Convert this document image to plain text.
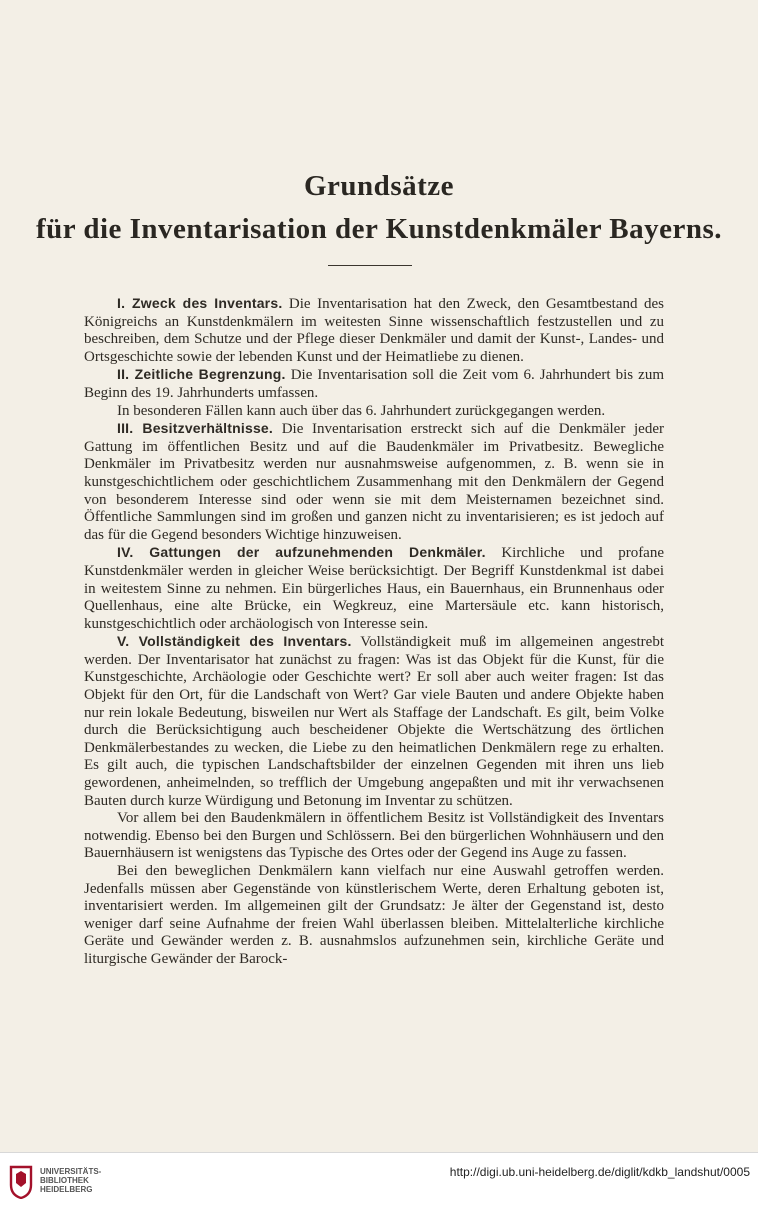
Grundsätze
für die Inventarisation der Kunstdenkmäler Bayerns.

I. Zweck des Inventars. Die Inventarisation hat den Zweck, den Gesamtbestand des Königreichs an Kunstdenkmälern im weitesten Sinne wissenschaftlich festzustellen und zu beschreiben, dem Schutze und der Pflege dieser Denkmäler und damit der Kunst-, Landes- und Ortsgeschichte sowie der lebenden Kunst und der Heimatliebe zu dienen.

II. Zeitliche Begrenzung. Die Inventarisation soll die Zeit vom 6. Jahrhundert bis zum Beginn des 19. Jahrhunderts umfassen.

In besonderen Fällen kann auch über das 6. Jahrhundert zurückgegangen werden.

III. Besitzverhältnisse. Die Inventarisation erstreckt sich auf die Denkmäler jeder Gattung im öffentlichen Besitz und auf die Baudenkmäler im Privatbesitz. Bewegliche Denkmäler im Privatbesitz werden nur ausnahmsweise aufgenommen, z. B. wenn sie in kunstgeschichtlichem oder geschichtlichem Zusammenhang mit den Denkmälern der Gegend von besonderem Interesse sind oder wenn sie mit dem Meisternamen bezeichnet sind. Öffentliche Sammlungen sind im großen und ganzen nicht zu inventarisieren; es ist jedoch auf das für die Gegend besonders Wichtige hinzuweisen.

IV. Gattungen der aufzunehmenden Denkmäler. Kirchliche und profane Kunstdenkmäler werden in gleicher Weise berücksichtigt. Der Begriff Kunstdenkmal ist dabei in weitestem Sinne zu nehmen. Ein bürgerliches Haus, ein Bauernhaus, ein Brunnenhaus oder Quellenhaus, eine alte Brücke, ein Wegkreuz, eine Martersäule etc. kann historisch, kunstgeschichtlich oder archäologisch von Interesse sein.

V. Vollständigkeit des Inventars. Vollständigkeit muß im allgemeinen angestrebt werden. Der Inventarisator hat zunächst zu fragen: Was ist das Objekt für die Kunst, für die Kunstgeschichte, Archäologie oder Geschichte wert? Er soll aber auch weiter fragen: Ist das Objekt für den Ort, für die Landschaft von Wert? Gar viele Bauten und andere Objekte haben nur rein lokale Bedeutung, bisweilen nur Wert als Staffage der Landschaft. Es gilt, beim Volke durch die Berücksichtigung auch bescheidener Objekte die Wertschätzung des örtlichen Denkmälerbestandes zu wecken, die Liebe zu den heimatlichen Denkmälern rege zu erhalten. Es gilt auch, die typischen Landschaftsbilder der einzelnen Gegenden mit ihren uns lieb gewordenen, anheimelnden, so trefflich der Umgebung angepaßten und mit ihr verwachsenen Bauten durch kurze Würdigung und Betonung im Inventar zu schützen.

Vor allem bei den Baudenkmälern in öffentlichem Besitz ist Vollständigkeit des Inventars notwendig. Ebenso bei den Burgen und Schlössern. Bei den bürgerlichen Wohnhäusern und den Bauernhäusern ist wenigstens das Typische des Ortes oder der Gegend ins Auge zu fassen.

Bei den beweglichen Denkmälern kann vielfach nur eine Auswahl getroffen werden. Jedenfalls müssen aber Gegenstände von künstlerischem Werte, deren Erhaltung geboten ist, inventarisiert werden. Im allgemeinen gilt der Grundsatz: Je älter der Gegenstand ist, desto weniger darf seine Aufnahme der freien Wahl überlassen bleiben. Mittelalterliche kirchliche Geräte und Gewänder werden z. B. ausnahmslos aufzunehmen sein, kirchliche Geräte und liturgische Gewänder der Barock-

UNIVERSITÄTS-
BIBLIOTHEK
HEIDELBERG
http://digi.ub.uni-heidelberg.de/diglit/kdkb_landshut/0005
